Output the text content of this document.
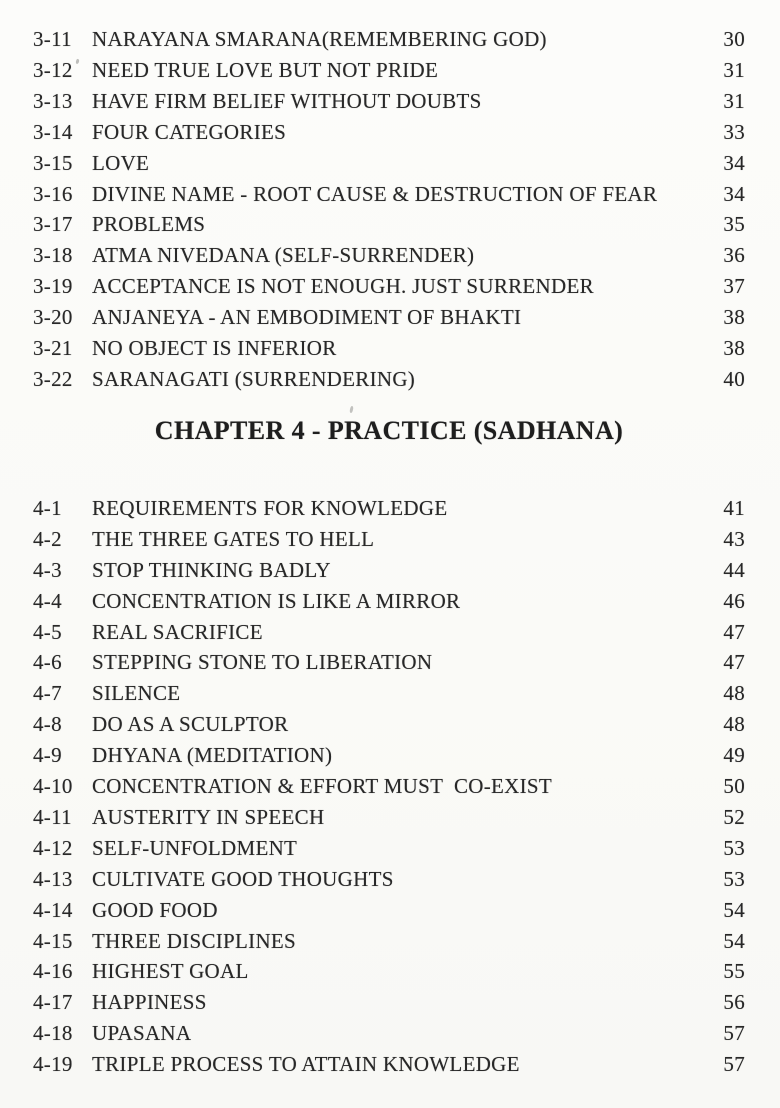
3-11 NARAYANA SMARANA(REMEMBERING GOD)	30
3-12 NEED TRUE LOVE BUT NOT PRIDE	31
3-13 HAVE FIRM BELIEF WITHOUT DOUBTS	31
3-14 FOUR CATEGORIES	33
3-15 LOVE	34
3-16 DIVINE NAME - ROOT CAUSE & DESTRUCTION OF FEAR	34
3-17 PROBLEMS	35
3-18 ATMA NIVEDANA (SELF-SURRENDER)	36
3-19 ACCEPTANCE IS NOT ENOUGH. JUST SURRENDER	37
3-20 ANJANEYA - AN EMBODIMENT OF BHAKTI	38
3-21 NO OBJECT IS INFERIOR	38
3-22 SARANAGATI (SURRENDERING)	40
CHAPTER 4 - PRACTICE (SADHANA)
4-1	REQUIREMENTS FOR KNOWLEDGE	41
4-2	THE THREE GATES TO HELL	43
4-3	STOP THINKING BADLY	44
4-4	CONCENTRATION IS LIKE A MIRROR	46
4-5	REAL SACRIFICE	47
4-6	STEPPING STONE TO LIBERATION	47
4-7	SILENCE	48
4-8	DO AS A SCULPTOR	48
4-9	DHYANA (MEDITATION)	49
4-10 CONCENTRATION & EFFORT MUST  CO-EXIST	50
4-11 AUSTERITY IN SPEECH	52
4-12 SELF-UNFOLDMENT	53
4-13 CULTIVATE GOOD THOUGHTS	53
4-14 GOOD FOOD	54
4-15 THREE DISCIPLINES	54
4-16 HIGHEST GOAL	55
4-17 HAPPINESS	56
4-18 UPASANA	57
4-19 TRIPLE PROCESS TO ATTAIN KNOWLEDGE	57
